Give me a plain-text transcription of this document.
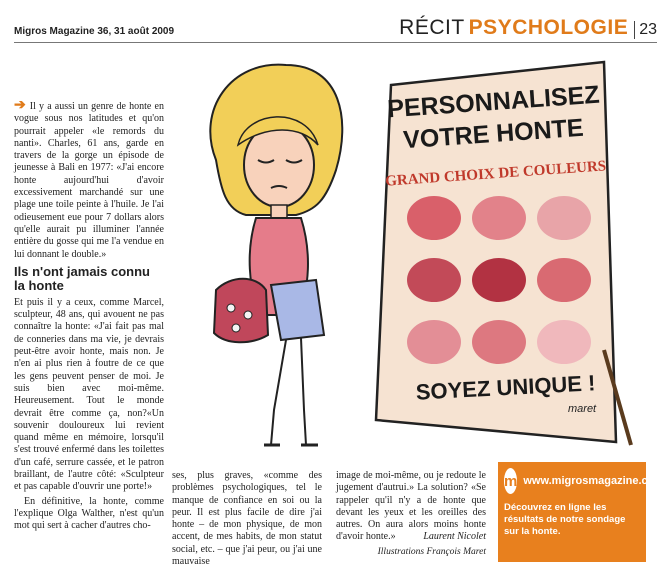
Migros Magazine 36, 31 août 2009	RÉCIT PSYCHOLOGIE 23

➔ Il y a aussi un genre de honte en vogue sous nos latitudes et qu'on pourrait appeler «le remords du nanti». Charles, 61 ans, garde en travers de la gorge un épisode de jeunesse à Bali en 1977: «J'ai encore honte aujourd'hui d'avoir excessivement marchandé sur une plage une toile peinte à l'huile. Je l'ai odieusement eue pour 7 dollars alors qu'elle aurait pu illuminer l'année entière du gosse qui me l'a vendue en lui donnant le double.»

Ils n'ont jamais connu la honte

Et puis il y a ceux, comme Marcel, sculpteur, 48 ans, qui avouent ne pas connaître la honte: «J'ai fait pas mal de conneries dans ma vie, je devrais peut-être avoir honte, mais non. Je n'en ai plus rien à foutre de ce que les gens peuvent penser de moi. Je suis bien avec moi-même. Heureusement. Tout le monde devrait être comme ça, non?«Un souvenir douloureux lui revient quand même en mémoire, lorsqu'il s'est trouvé enfermé dans les toilettes d'un café, serrure cassée, et le patron braillant, de l'autre côté: «Sculpteur et pas capable d'ouvrir une porte!»

En définitive, la honte, comme l'explique Olga Walther, n'est qu'un mot qui sert à cacher d'autres cho-

PERSONNALISEZ
VOTRE HONTE
GRAND CHOIX DE COULEURS
SOYEZ UNIQUE !
maret

ses, plus graves, «comme des problèmes psychologiques, tel le manque de confiance en soi ou la peur. Il est plus facile de dire j'ai honte – de mon physique, de mon accent, de mes habits, de mon statut social, etc. – que j'ai peur, ou j'ai une mauvaise

image de moi-même, ou je redoute le jugement d'autrui.» La solution? «Se rappeler qu'il n'y a de honte que devant les yeux et les oreilles des autres. On aura alors moins honte d'avoir honte.»	Laurent Nicolet

Illustrations François Maret

m www.migrosmagazine.ch
Découvrez en ligne les résultats de notre sondage sur la honte.
